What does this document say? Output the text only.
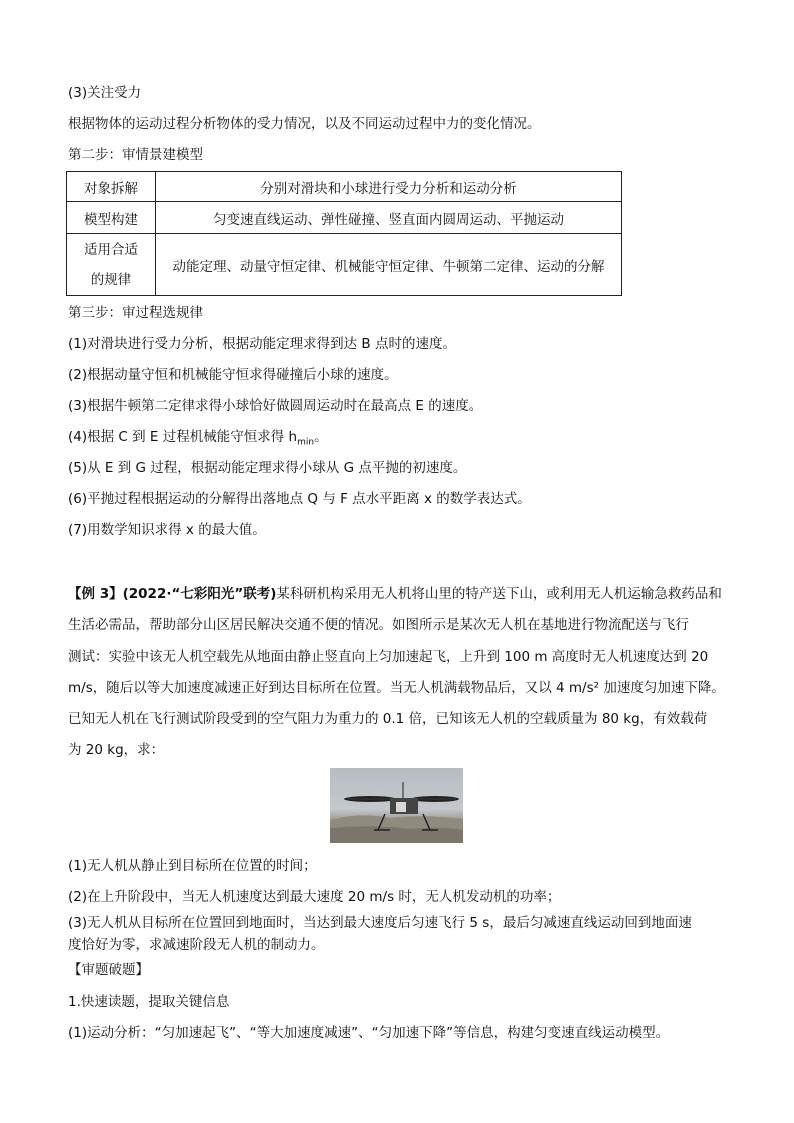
(3)关注受力
根据物体的运动过程分析物体的受力情况，以及不同运动过程中力的变化情况。
第二步：审情景建模型
对象拆解	分别对滑块和小球进行受力分析和运动分析
模型构建	匀变速直线运动、弹性碰撞、竖直面内圆周运动、平抛运动
适用合适
的规律	动能定理、动量守恒定律、机械能守恒定律、牛顿第二定律、运动的分解
第三步：审过程选规律
(1)对滑块进行受力分析，根据动能定理求得到达 B 点时的速度。
(2)根据动量守恒和机械能守恒求得碰撞后小球的速度。
(3)根据牛顿第二定律求得小球恰好做圆周运动时在最高点 E 的速度。
(4)根据 C 到 E 过程机械能守恒求得 $h_{min}$。
(5)从 E 到 G 过程，根据动能定理求得小球从 G 点平抛的初速度。
(6)平抛过程根据运动的分解得出落地点 Q 与 F 点水平距离 x 的数学表达式。
(7)用数学知识求得 x 的最大值。
【例 3】(2022·“七彩阳光”联考)某科研机构采用无人机将山里的特产送下山，或利用无人机运输急救药品和
生活必需品，帮助部分山区居民解决交通不便的情况。如图所示是某次无人机在基地进行物流配送与飞行
测试：实验中该无人机空载先从地面由静止竖直向上匀加速起飞，上升到 100 m 高度时无人机速度达到 20
m/s，随后以等大加速度减速正好到达目标所在位置。当无人机满载物品后，又以 4 m/s² 加速度匀加速下降。
已知无人机在飞行测试阶段受到的空气阻力为重力的 0.1 倍，已知该无人机的空载质量为 80 kg，有效载荷
为 20 kg，求：
(1)无人机从静止到目标所在位置的时间；
(2)在上升阶段中，当无人机速度达到最大速度 20 m/s 时，无人机发动机的功率；
(3)无人机从目标所在位置回到地面时，当达到最大速度后匀速飞行 5 s，最后匀减速直线运动回到地面速
度恰好为零，求减速阶段无人机的制动力。
【审题破题】
1.快速读题，提取关键信息
(1)运动分析：“匀加速起飞”、“等大加速度减速”、“匀加速下降”等信息，构建匀变速直线运动模型。
